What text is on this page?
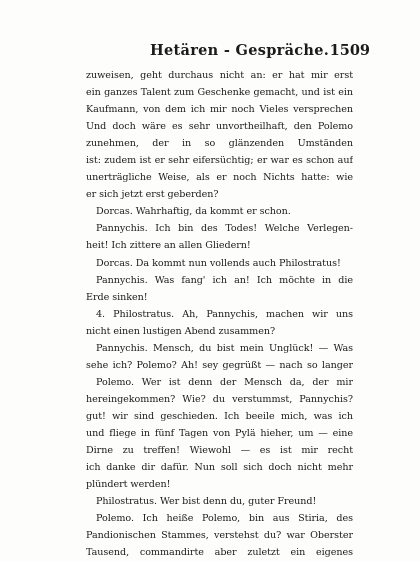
Hetären - Gespräche. 1509
zuweisen, geht durchaus nicht an: er hat mir erst
ein ganzes Talent zum Geschenke gemacht, und ist ein
Kaufmann, von dem ich mir noch Vieles versprechen
Und doch wäre es sehr unvortheilhaft, den Polemo
zunehmen, der in so glänzenden Umständen
ist: zudem ist er sehr eifersüchtig; er war es schon auf
unerträgliche Weise, als er noch Nichts hatte: wie
er sich jetzt erst geberden?
Dorcas. Wahrhaftig, da kommt er schon.
Pannychis. Ich bin des Todes! Welche Verlegen-
heit! Ich zittere an allen Gliedern!
Dorcas. Da kommt nun vollends auch Philostratus!
Pannychis. Was fang' ich an! Ich möchte in die
Erde sinken!
4. Philostratus. Ah, Pannychis, machen wir uns
nicht einen lustigen Abend zusammen?
Pannychis. Mensch, du bist mein Unglück! — Was
sehe ich? Polemo? Ah! sey gegrüßt — nach so langer
Polemo. Wer ist denn der Mensch da, der mir
hereingekommen? Wie? du verstummst, Pannychis?
gut! wir sind geschieden. Ich beeile mich, was ich
und fliege in fünf Tagen von Pylä hieher, um — eine
Dirne zu treffen! Wiewohl — es ist mir recht
ich danke dir dafür. Nun soll sich doch nicht mehr
plündert werden!
Philostratus. Wer bist denn du, guter Freund!
Polemo. Ich heiße Polemo, bin aus Stiria, des
Pandionischen Stammes, verstehst du? war Oberster
Tausend, commandirte aber zuletzt ein eigenes
